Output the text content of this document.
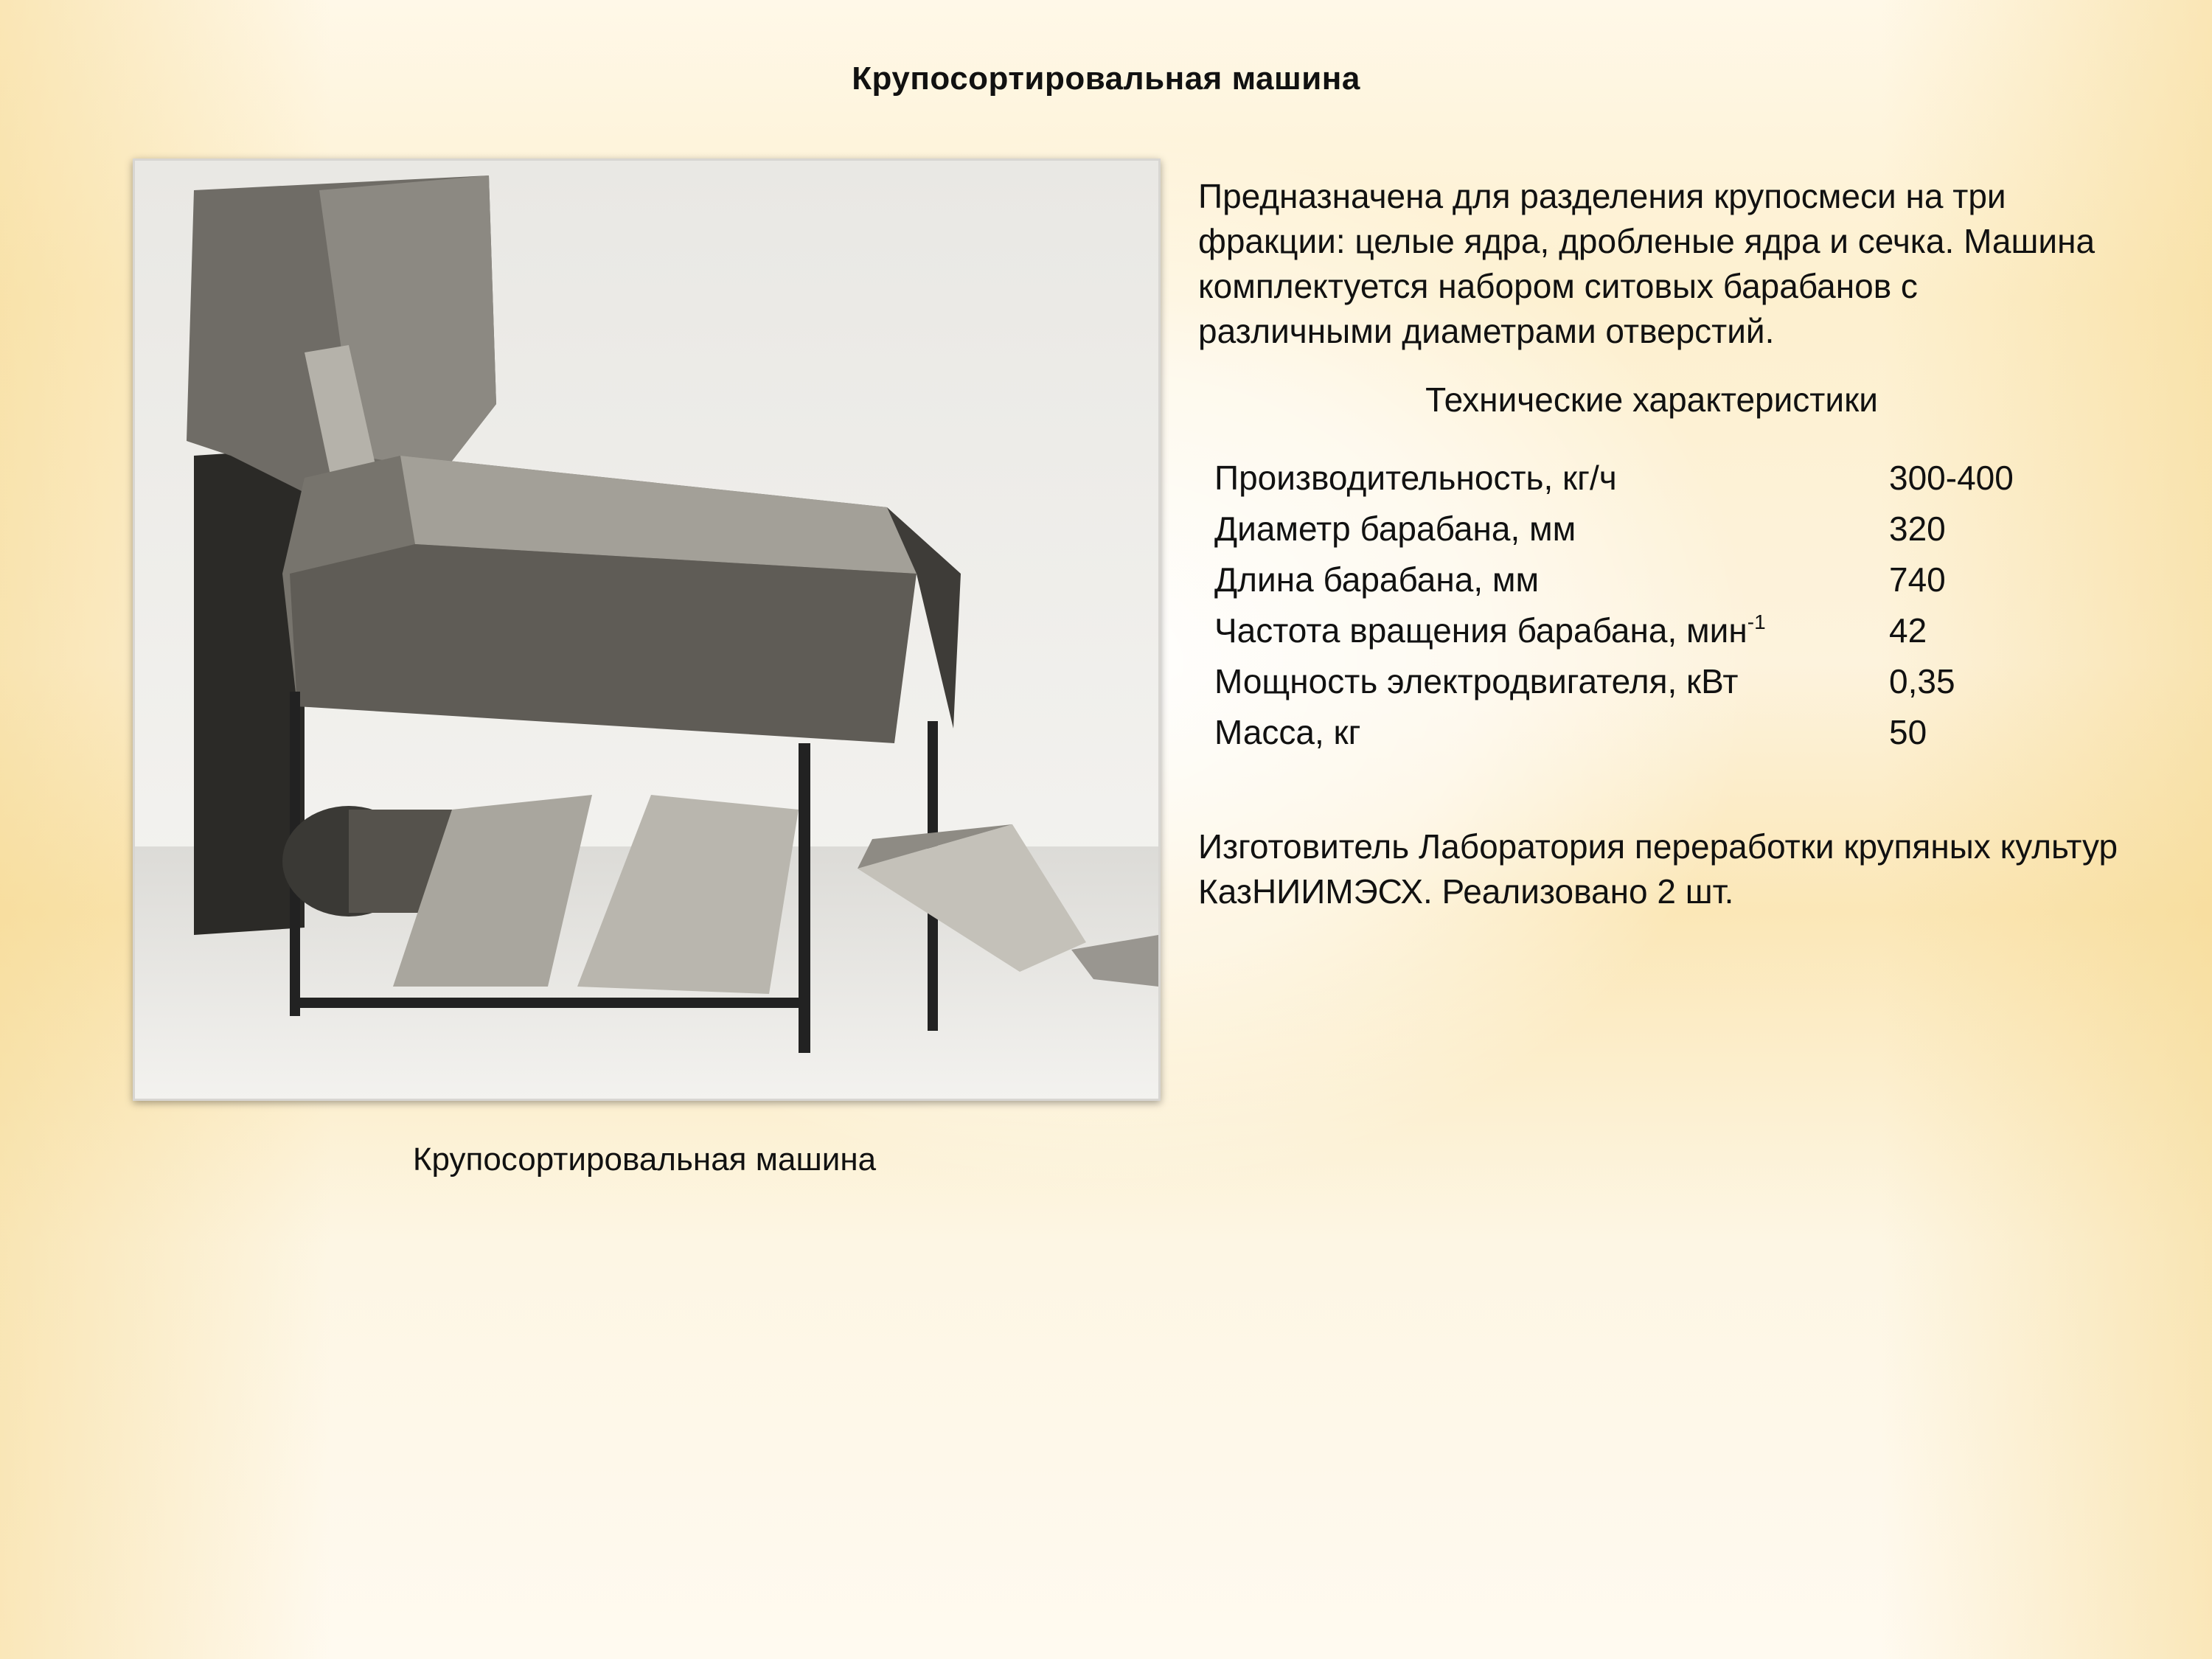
Крупосортировальная машина
Крупосортировальная машина

Предназначена для разделения крупосмеси на три фракции: целые ядра, дробленые ядра и сечка. Машина комплектуется набором ситовых барабанов с различными диаметрами отверстий.

Технические характеристики
Производительность, кг/ч	300-400
Диаметр барабана, мм	320
Длина барабана, мм	740
Частота вращения барабана, мин$^{-1}$	42
Мощность электродвигателя, кВт	0,35
Масса, кг	50

Изготовитель Лаборатория переработки крупяных культур КазНИИМЭСХ. Реализовано 2 шт.
